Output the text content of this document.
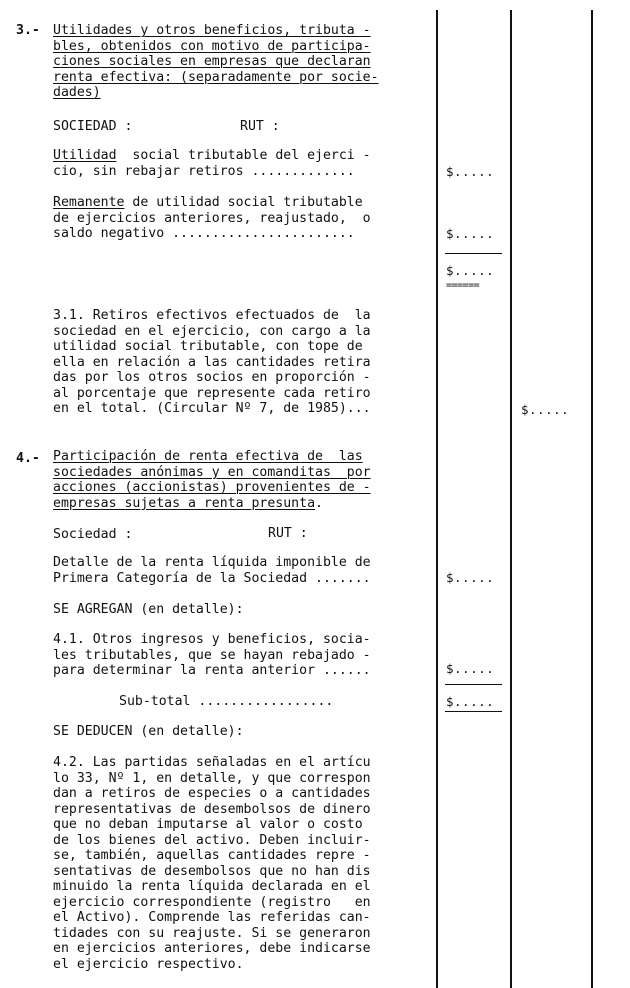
3.- Utilidades y otros beneficios, tributa -
bles, obtenidos con motivo de participa-
ciones sociales en empresas que declaran
renta efectiva: (separadamente por socie-
dades)
SOCIEDAD :	RUT :
Utilidad  social tributable del ejerci -
cio, sin rebajar retiros .............	$.....
Remanente de utilidad social tributable
de ejercicios anteriores, reajustado,  o
saldo negativo .......................	$.....
$.....
======
3.1. Retiros efectivos efectuados de  la
sociedad en el ejercicio, con cargo a la
utilidad social tributable, con tope de
ella en relación a las cantidades retira
das por los otros socios en proporción -
al porcentaje que represente cada retiro
en el total. (Circular Nº 7, de 1985)...	$.....
4.- Participación de renta efectiva de  las
sociedades anónimas y en comanditas  por
acciones (accionistas) provenientes de -
empresas sujetas a renta presunta.
Sociedad :	RUT :
Detalle de la renta líquida imponible de
Primera Categoría de la Sociedad .......	$.....
SE AGREGAN (en detalle):
4.1. Otros ingresos y beneficios, socia-
les tributables, que se hayan rebajado -
para determinar la renta anterior ......	$.....
Sub-total .................	$.....
SE DEDUCEN (en detalle):
4.2. Las partidas señaladas en el artícu
lo 33, Nº 1, en detalle, y que correspon
dan a retiros de especies o a cantidades
representativas de desembolsos de dinero
que no deban imputarse al valor o costo
de los bienes del activo. Deben incluir-
se, también, aquellas cantidades repre -
sentativas de desembolsos que no han dis
minuido la renta líquida declarada en el
ejercicio correspondiente (registro   en
el Activo). Comprende las referidas can-
tidades con su reajuste. Si se generaron
en ejercicios anteriores, debe indicarse
el ejercicio respectivo.
